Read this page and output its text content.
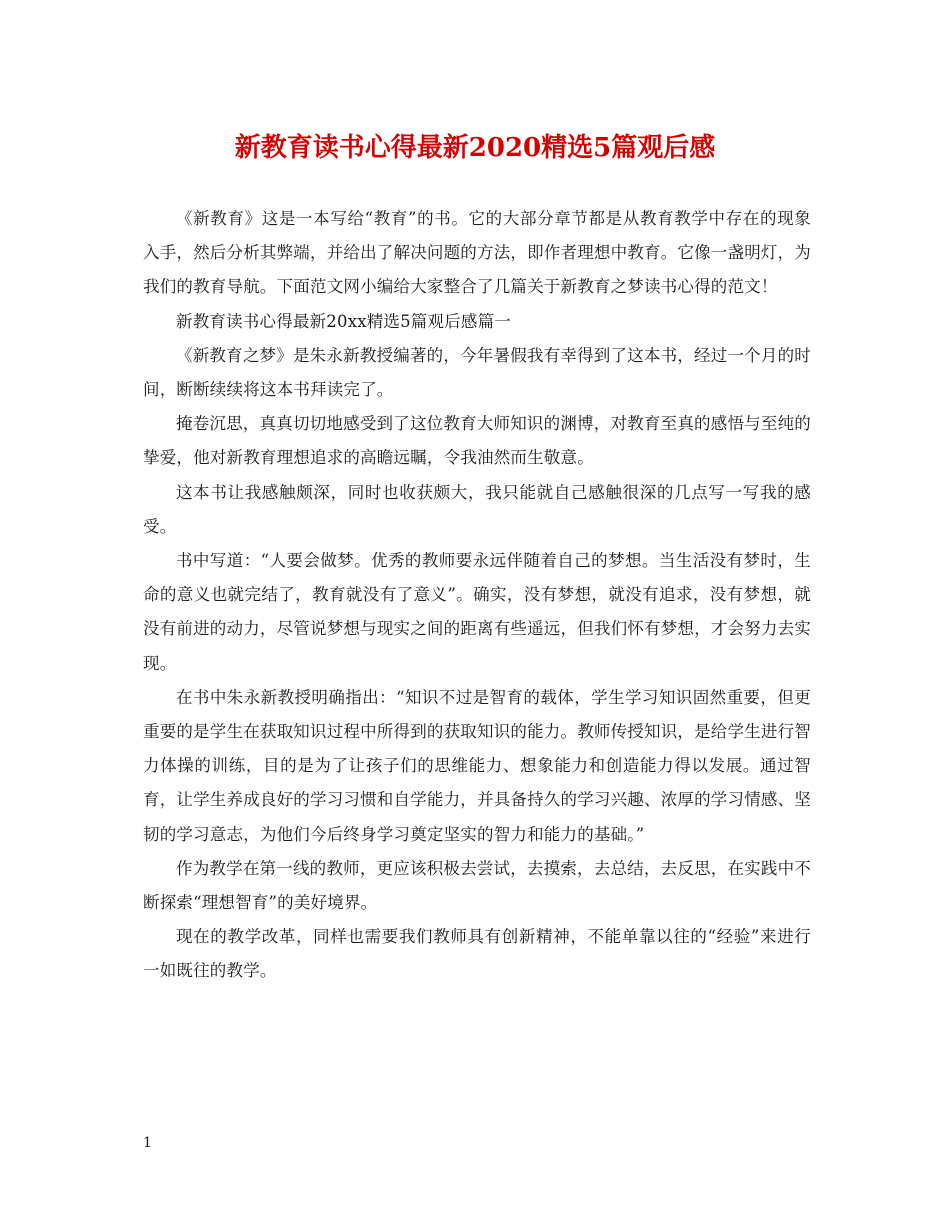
新教育读书心得最新2020精选5篇观后感

《新教育》这是一本写给“教育”的书。它的大部分章节都是从教育教学中存在的现象入手，然后分析其弊端，并给出了解决问题的方法，即作者理想中教育。它像一盏明灯，为我们的教育导航。下面范文网小编给大家整合了几篇关于新教育之梦读书心得的范文！

新教育读书心得最新20xx精选5篇观后感篇一

《新教育之梦》是朱永新教授编著的，今年暑假我有幸得到了这本书，经过一个月的时间，断断续续将这本书拜读完了。

掩卷沉思，真真切切地感受到了这位教育大师知识的渊博，对教育至真的感悟与至纯的挚爱，他对新教育理想追求的高瞻远瞩，令我油然而生敬意。

这本书让我感触颇深，同时也收获颇大，我只能就自己感触很深的几点写一写我的感受。

书中写道：“人要会做梦。优秀的教师要永远伴随着自己的梦想。当生活没有梦时，生命的意义也就完结了，教育就没有了意义”。确实，没有梦想，就没有追求，没有梦想，就没有前进的动力，尽管说梦想与现实之间的距离有些遥远，但我们怀有梦想，才会努力去实现。

在书中朱永新教授明确指出：“知识不过是智育的载体，学生学习知识固然重要，但更重要的是学生在获取知识过程中所得到的获取知识的能力。教师传授知识，是给学生进行智力体操的训练，目的是为了让孩子们的思维能力、想象能力和创造能力得以发展。通过智育，让学生养成良好的学习习惯和自学能力，并具备持久的学习兴趣、浓厚的学习情感、坚韧的学习意志，为他们今后终身学习奠定坚实的智力和能力的基础。”

作为教学在第一线的教师，更应该积极去尝试，去摸索，去总结，去反思，在实践中不断探索“理想智育”的美好境界。

现在的教学改革，同样也需要我们教师具有创新精神，不能单靠以往的“经验”来进行一如既往的教学。

1
